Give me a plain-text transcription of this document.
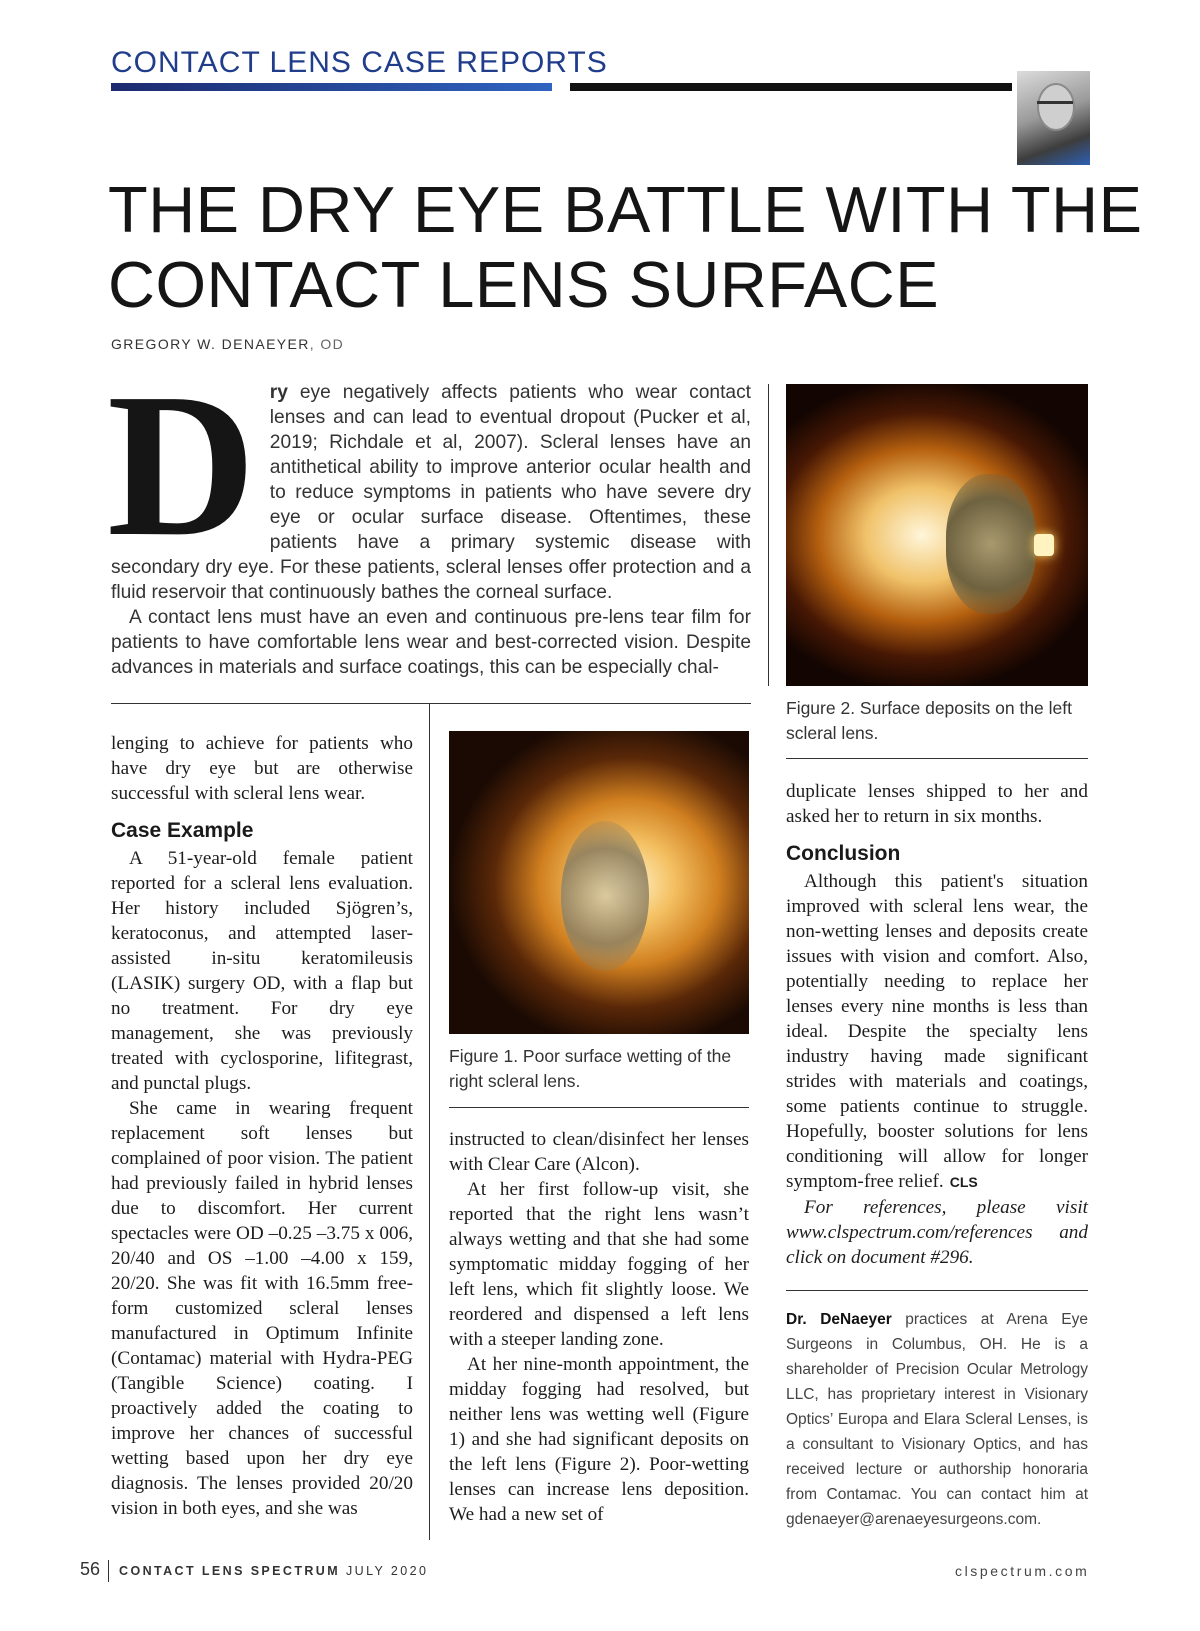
CONTACT LENS CASE REPORTS
THE DRY EYE BATTLE WITH THE
CONTACT LENS SURFACE
GREGORY W. DENAEYER, OD

Dry eye negatively affects patients who wear contact lenses and can lead to eventual dropout (Pucker et al, 2019; Richdale et al, 2007). Scleral lenses have an antithetical ability to improve anterior ocular health and to reduce symptoms in patients who have severe dry eye or ocular surface disease. Oftentimes, these patients have a primary systemic disease with secondary dry eye. For these patients, scleral lenses offer protection and a fluid reservoir that continuously bathes the corneal surface.

A contact lens must have an even and continuous pre-lens tear film for patients to have comfortable lens wear and best-corrected vision. Despite advances in materials and surface coatings, this can be especially chal-

Figure 2. Surface deposits on the left scleral lens.

lenging to achieve for patients who have dry eye but are otherwise successful with scleral lens wear.

Case Example

A 51-year-old female patient reported for a scleral lens evaluation. Her history included Sjögren’s, keratoconus, and attempted laser-assisted in-situ keratomileusis (LASIK) surgery OD, with a flap but no treatment. For dry eye management, she was previously treated with cyclosporine, lifitegrast, and punctal plugs.

She came in wearing frequent replacement soft lenses but complained of poor vision. The patient had previously failed in hybrid lenses due to discomfort. Her current spectacles were OD –0.25 –3.75 x 006, 20/40 and OS –1.00 –4.00 x 159, 20/20. She was fit with 16.5mm free-form customized scleral lenses manufactured in Optimum Infinite (Contamac) material with Hydra-PEG (Tangible Science) coating. I proactively added the coating to improve her chances of successful wetting based upon her dry eye diagnosis. The lenses provided 20/20 vision in both eyes, and she was

Figure 1. Poor surface wetting of the right scleral lens.

instructed to clean/disinfect her lenses with Clear Care (Alcon).

At her first follow-up visit, she reported that the right lens wasn’t always wetting and that she had some symptomatic midday fogging of her left lens, which fit slightly loose. We reordered and dispensed a left lens with a steeper landing zone.

At her nine-month appointment, the midday fogging had resolved, but neither lens was wetting well (Figure 1) and she had significant deposits on the left lens (Figure 2). Poor-wetting lenses can increase lens deposition. We had a new set of

duplicate lenses shipped to her and asked her to return in six months.

Conclusion

Although this patient's situation improved with scleral lens wear, the non-wetting lenses and deposits create issues with vision and comfort. Also, potentially needing to replace her lenses every nine months is less than ideal. Despite the specialty lens industry having made significant strides with materials and coatings, some patients continue to struggle. Hopefully, booster solutions for lens conditioning will allow for longer symptom-free relief. CLS

For references, please visit www.clspectrum.com/references and click on document #296.

Dr. DeNaeyer practices at Arena Eye Surgeons in Columbus, OH. He is a shareholder of Precision Ocular Metrology LLC, has proprietary interest in Visionary Optics’ Europa and Elara Scleral Lenses, is a consultant to Visionary Optics, and has received lecture or authorship honoraria from Contamac. You can contact him at gdenaeyer@arenaeyesurgeons.com.
56 CONTACT LENS SPECTRUM JULY 2020	clspectrum.com
